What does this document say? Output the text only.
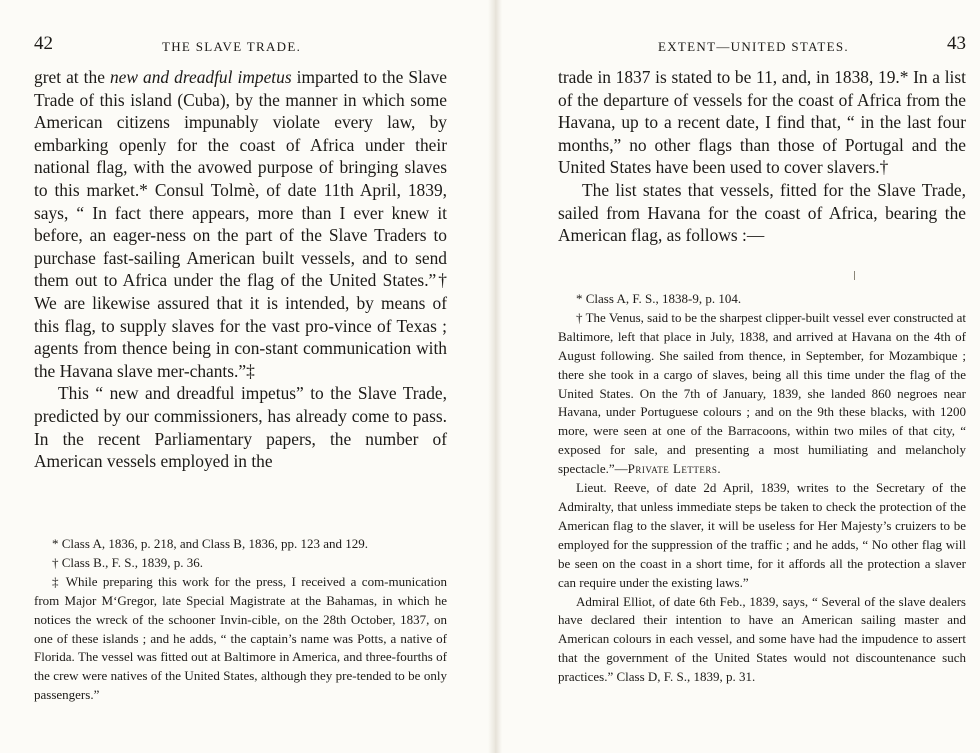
42	THE SLAVE TRADE.

gret at the new and dreadful impetus imparted to the Slave Trade of this island (Cuba), by the manner in which some American citizens impunably violate every law, by embarking openly for the coast of Africa under their national flag, with the avowed purpose of bringing slaves to this market.* Consul Tolmè, of date 11th April, 1839, says, “ In fact there appears, more than I ever knew it before, an eager-ness on the part of the Slave Traders to purchase fast-sailing American built vessels, and to send them out to Africa under the flag of the United States.”† We are likewise assured that it is intended, by means of this flag, to supply slaves for the vast pro-vince of Texas ; agents from thence being in con-stant communication with the Havana slave mer-chants.”‡

This “ new and dreadful impetus” to the Slave Trade, predicted by our commissioners, has already come to pass. In the recent Parliamentary papers, the number of American vessels employed in the

* Class A, 1836, p. 218, and Class B, 1836, pp. 123 and 129.

† Class B., F. S., 1839, p. 36.

‡ While preparing this work for the press, I received a com-munication from Major M‘Gregor, late Special Magistrate at the Bahamas, in which he notices the wreck of the schooner Invin-cible, on the 28th October, 1837, on one of these islands ; and he adds, “ the captain’s name was Potts, a native of Florida. The vessel was fitted out at Baltimore in America, and three-fourths of the crew were natives of the United States, although they pre-tended to be only passengers.”

EXTENT—UNITED STATES.	43

trade in 1837 is stated to be 11, and, in 1838, 19.* In a list of the departure of vessels for the coast of Africa from the Havana, up to a recent date, I find that, “ in the last four months,” no other flags than those of Portugal and the United States have been used to cover slavers.†

The list states that vessels, fitted for the Slave Trade, sailed from Havana for the coast of Africa, bearing the American flag, as follows :—

* Class A, F. S., 1838-9, p. 104.

† The Venus, said to be the sharpest clipper-built vessel ever constructed at Baltimore, left that place in July, 1838, and arrived at Havana on the 4th of August following. She sailed from thence, in September, for Mozambique ; there she took in a cargo of slaves, being all this time under the flag of the United States. On the 7th of January, 1839, she landed 860 negroes near Havana, under Portuguese colours ; and on the 9th these blacks, with 1200 more, were seen at one of the Barracoons, within two miles of that city, “ exposed for sale, and presenting a most humiliating and melancholy spectacle.”—Private Letters.

Lieut. Reeve, of date 2d April, 1839, writes to the Secretary of the Admiralty, that unless immediate steps be taken to check the protection of the American flag to the slaver, it will be useless for Her Majesty’s cruizers to be employed for the suppression of the traffic ; and he adds, “ No other flag will be seen on the coast in a short time, for it affords all the protection a slaver can require under the existing laws.”

Admiral Elliot, of date 6th Feb., 1839, says, “ Several of the slave dealers have declared their intention to have an American sailing master and American colours in each vessel, and some have had the impudence to assert that the government of the United States would not discountenance such practices.” Class D, F. S., 1839, p. 31.
